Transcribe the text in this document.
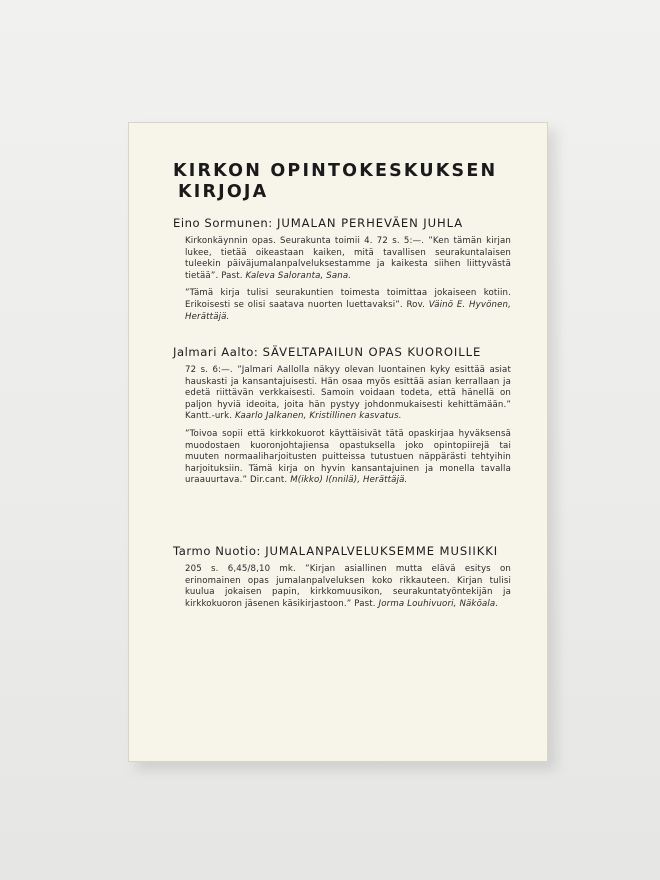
KIRKON OPINTOKESKUKSEN
KIRJOJA
Eino Sormunen: JUMALAN PERHEVÄEN JUHLA

Kirkonkäynnin opas. Seurakunta toimii 4. 72 s. 5:—. ”Ken tämän kirjan lukee, tietää oikeastaan kaiken, mitä tavallisen seurakuntalaisen tuleekin päiväjumalanpalveluksestamme ja kaikesta siihen liittyvästä tietää”. Past. Kaleva Saloranta, Sana.

”Tämä kirja tulisi seurakuntien toimesta toimittaa jokaiseen kotiin. Erikoisesti se olisi saatava nuorten luettavaksi”. Rov. Väinö E. Hyvönen, Herättäjä.

Jalmari Aalto: SÄVELTAPAILUN OPAS KUOROILLE

72 s. 6:—. ”Jalmari Aallolla näkyy olevan luontainen kyky esittää asiat hauskasti ja kansantajuisesti. Hän osaa myös esittää asian kerrallaan ja edetä riittävän verkkaisesti. Samoin voidaan todeta, että hänellä on paljon hyviä ideoita, joita hän pystyy johdonmukaisesti kehittämään.” Kantt.-urk. Kaarlo Jalkanen, Kristillinen kasvatus.

”Toivoa sopii että kirkkokuorot käyttäisivät tätä opaskirjaa hyväksensä muodostaen kuoronjohtajiensa opastuksella joko opintopiirejä tai muuten normaaliharjoitusten puitteissa tutustuen näppärästi tehtyihin harjoituksiin. Tämä kirja on hyvin kansantajuinen ja monella tavalla uraauurtava.” Dir.cant. M(ikko) I(nnilä), Herättäjä.

Tarmo Nuotio: JUMALANPALVELUKSEMME MUSIIKKI

205 s. 6,45/8,10 mk. ”Kirjan asiallinen mutta elävä esitys on erinomainen opas jumalanpalveluksen koko rikkauteen. Kirjan tulisi kuulua jokaisen papin, kirkkomuusikon, seurakuntatyöntekijän ja kirkkokuoron jäsenen käsikirjastoon.” Past. Jorma Louhivuori, Näköala.
